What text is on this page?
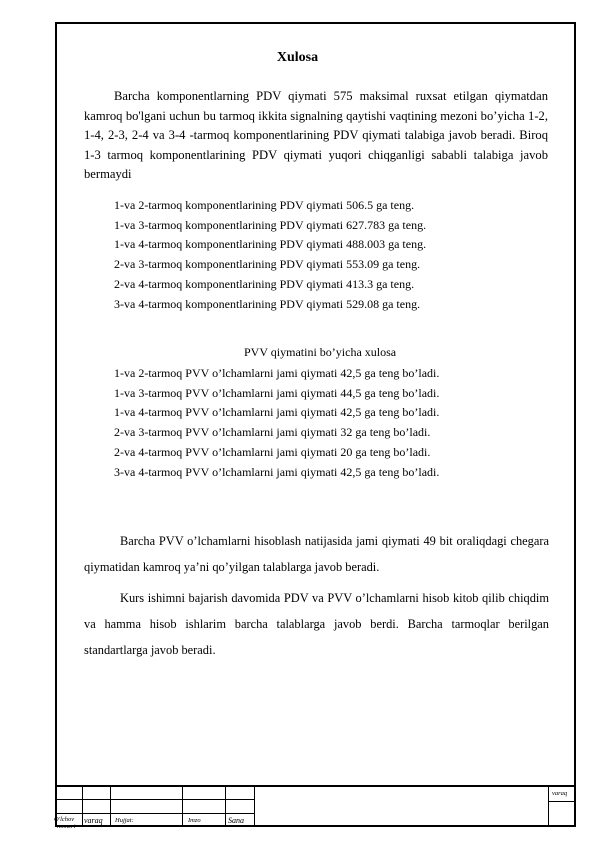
Xulosa

Barcha komponentlarning PDV qiymati 575 maksimal ruxsat etilgan qiymatdan kamroq bo'lgani uchun bu tarmoq ikkita signalning qaytishi vaqtining mezoni bo’yicha 1-2, 1-4, 2-3, 2-4 va 3-4 -tarmoq komponentlarining PDV qiymati talabiga javob beradi. Biroq 1-3 tarmoq komponentlarining PDV qiymati yuqori chiqganligi sababli talabiga javob bermaydi

1-va 2-tarmoq komponentlarining PDV qiymati 506.5 ga teng.
1-va 3-tarmoq komponentlarining PDV qiymati 627.783 ga teng.
1-va 4-tarmoq komponentlarining PDV qiymati 488.003 ga teng.
2-va 3-tarmoq komponentlarining PDV qiymati 553.09 ga teng.
2-va 4-tarmoq komponentlarining PDV qiymati 413.3 ga teng.
3-va 4-tarmoq komponentlarining PDV qiymati 529.08 ga teng.
PVV qiymatini bo’yicha xulosa
1-va 2-tarmoq PVV o’lchamlarni jami qiymati 42,5 ga teng bo’ladi.
1-va 3-tarmoq PVV o’lchamlarni jami qiymati 44,5 ga teng bo’ladi.
1-va 4-tarmoq PVV o’lchamlarni jami qiymati 42,5 ga teng bo’ladi.
2-va 3-tarmoq PVV o’lchamlarni jami qiymati 32 ga teng bo’ladi.
2-va 4-tarmoq PVV o’lchamlarni jami qiymati 20 ga teng bo’ladi.
3-va 4-tarmoq PVV o’lchamlarni jami qiymati 42,5 ga teng bo’ladi.

Barcha PVV o’lchamlarni hisoblash natijasida jami qiymati 49 bit oraliqdagi chegara qiymatidan kamroq ya’ni qo’yilgan talablarga javob beradi.

Kurs ishimni bajarish davomida PDV va PVV o’lchamlarni hisob kitob qilib chiqdim va hamma hisob ishlarim barcha talablarga javob berdi. Barcha tarmoqlar berilgan standartlarga javob beradi.

O'lchov
nomeri
varaq Hujjat:	Imzo	Sana
varaq
